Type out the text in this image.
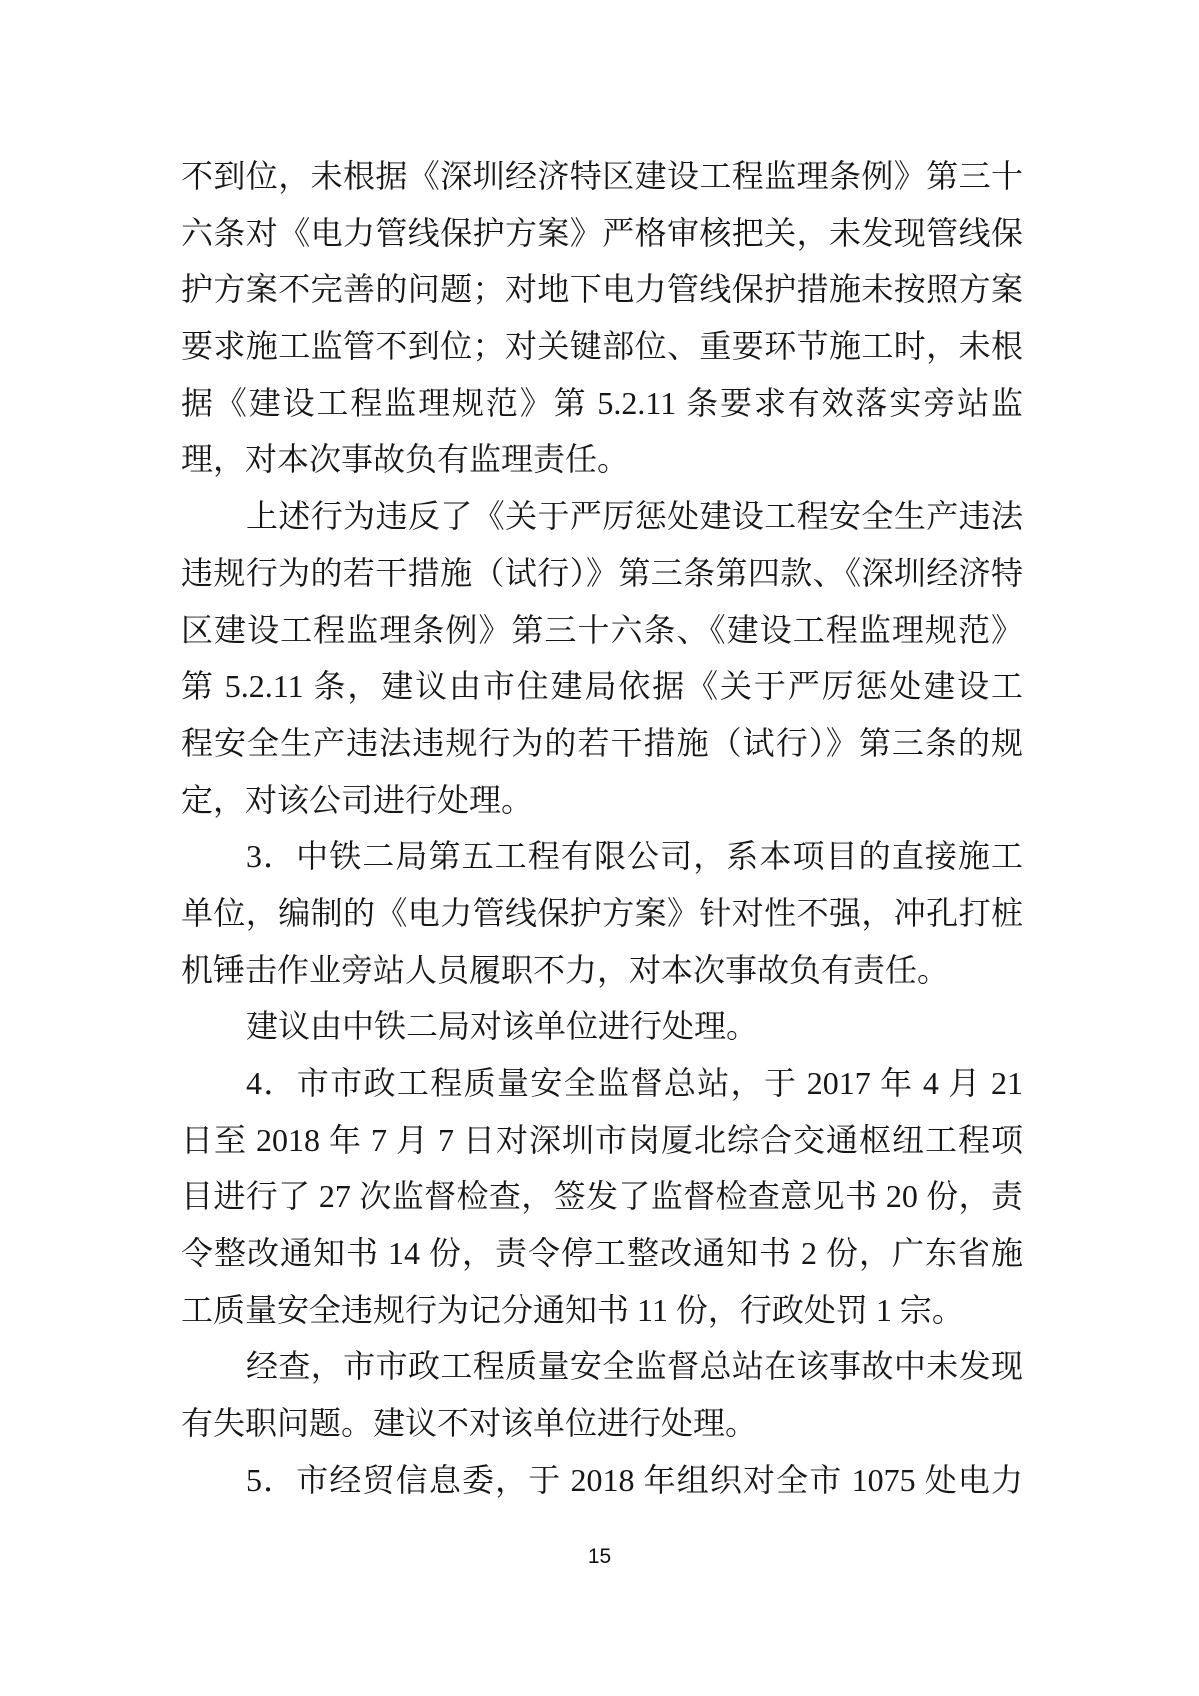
不到位，未根据《深圳经济特区建设工程监理条例》第三十
六条对《电力管线保护方案》严格审核把关，未发现管线保
护方案不完善的问题；对地下电力管线保护措施未按照方案
要求施工监管不到位；对关键部位、重要环节施工时，未根
据《建设工程监理规范》第 5.2.11 条要求有效落实旁站监
理，对本次事故负有监理责任。
上述行为违反了《关于严厉惩处建设工程安全生产违法
违规行为的若干措施（试行）》第三条第四款、《深圳经济特
区建设工程监理条例》第三十六条、《建设工程监理规范》
第 5.2.11 条，建议由市住建局依据《关于严厉惩处建设工
程安全生产违法违规行为的若干措施（试行）》第三条的规
定，对该公司进行处理。
3．中铁二局第五工程有限公司，系本项目的直接施工
单位，编制的《电力管线保护方案》针对性不强，冲孔打桩
机锤击作业旁站人员履职不力，对本次事故负有责任。
建议由中铁二局对该单位进行处理。
4．市市政工程质量安全监督总站，于 2017 年 4 月 21
日至 2018 年 7 月 7 日对深圳市岗厦北综合交通枢纽工程项
目进行了 27 次监督检查，签发了监督检查意见书 20 份，责
令整改通知书 14 份，责令停工整改通知书 2 份，广东省施
工质量安全违规行为记分通知书 11 份，行政处罚 1 宗。
经查，市市政工程质量安全监督总站在该事故中未发现
有失职问题。建议不对该单位进行处理。
5．市经贸信息委，于 2018 年组织对全市 1075 处电力
15
